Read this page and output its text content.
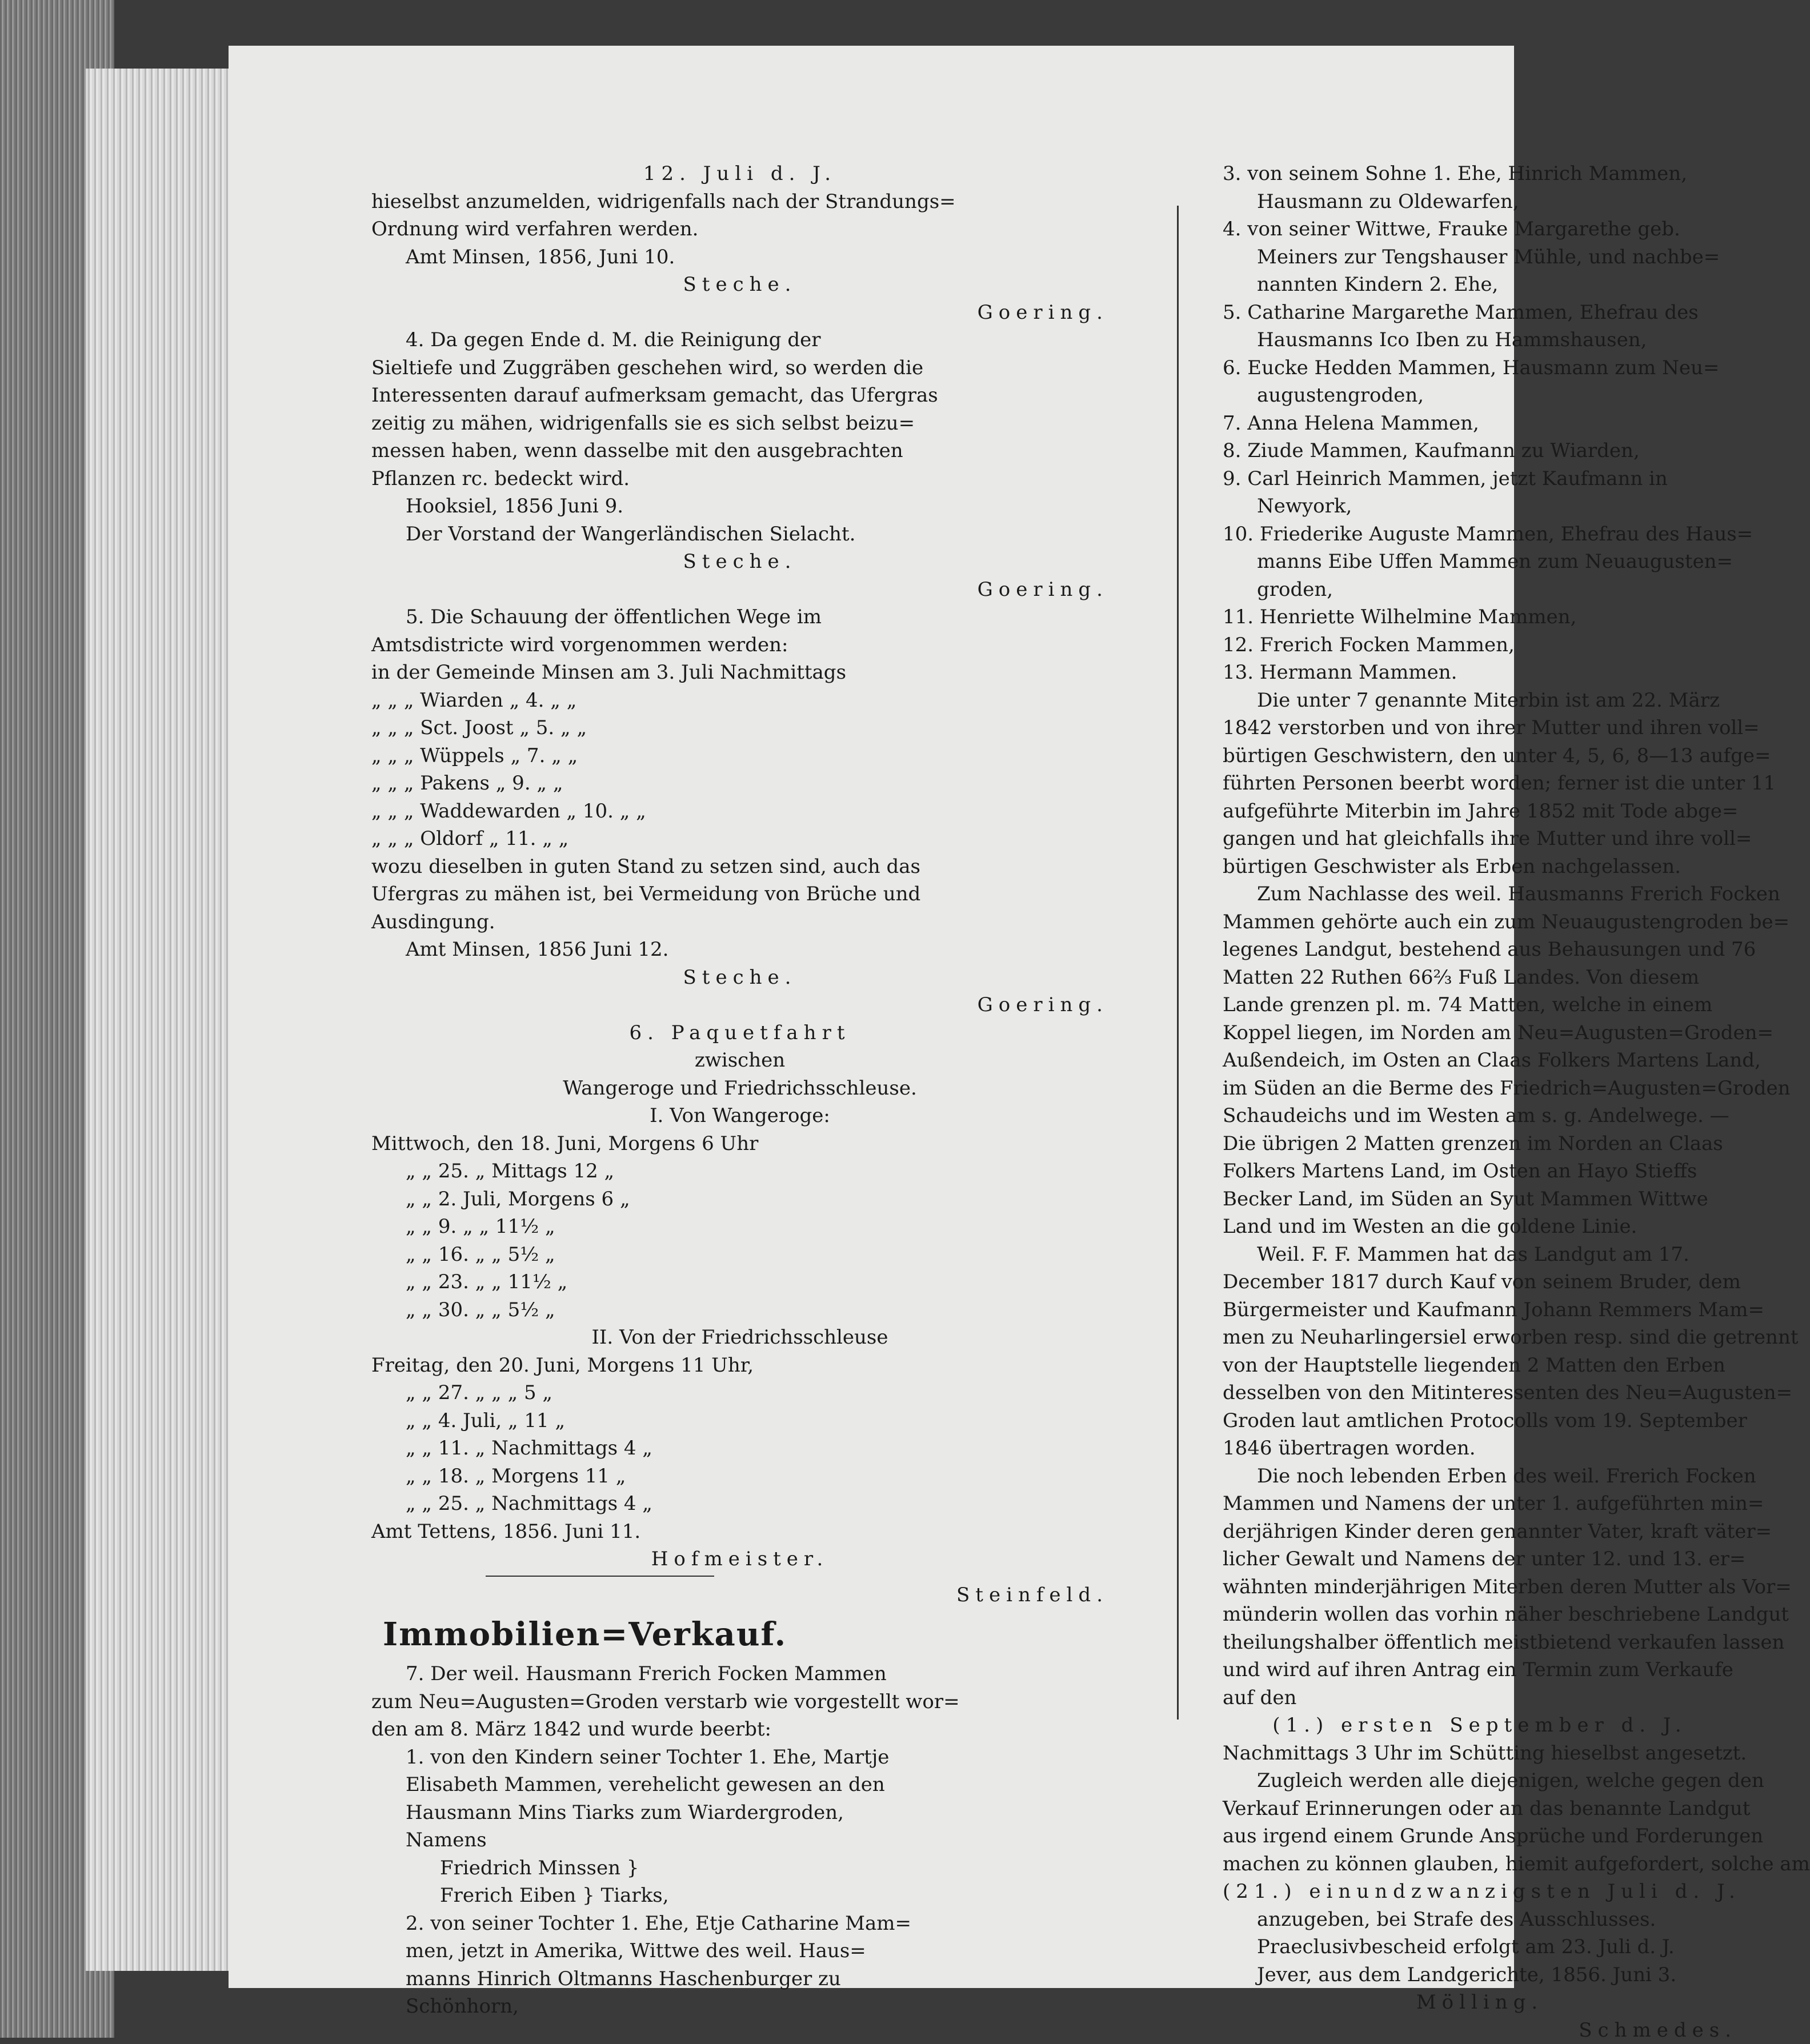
12. Juli d. J.
hieselbst anzumelden, widrigenfalls nach der Strandungs=
Ordnung wird verfahren werden.
Amt Minsen, 1856, Juni 10.
Steche.
Goering.
4. Da gegen Ende d. M. die Reinigung der
Sieltiefe und Zuggräben geschehen wird, so werden die
Interessenten darauf aufmerksam gemacht, das Ufergras
zeitig zu mähen, widrigenfalls sie es sich selbst beizu=
messen haben, wenn dasselbe mit den ausgebrachten
Pflanzen rc. bedeckt wird.
Hooksiel, 1856 Juni 9.
Der Vorstand der Wangerländischen Sielacht.
Steche.
Goering.
5. Die Schauung der öffentlichen Wege im
Amtsdistricte wird vorgenommen werden:
in der Gemeinde Minsen am 3. Juli Nachmittags
„ „ „ Wiarden „ 4. „ „
„ „ „ Sct. Joost „ 5. „ „
„ „ „ Wüppels „ 7. „ „
„ „ „ Pakens „ 9. „ „
„ „ „ Waddewarden „ 10. „ „
„ „ „ Oldorf „ 11. „ „
wozu dieselben in guten Stand zu setzen sind, auch das
Ufergras zu mähen ist, bei Vermeidung von Brüche und
Ausdingung.
Amt Minsen, 1856 Juni 12.
Steche.
Goering.
6. Paquetfahrt
zwischen
Wangeroge und Friedrichsschleuse.
I. Von Wangeroge:
Mittwoch, den 18. Juni, Morgens 6 Uhr
„ „ 25. „ Mittags 12 „
„ „ 2. Juli, Morgens 6 „
„ „ 9. „ „ 11½ „
„ „ 16. „ „ 5½ „
„ „ 23. „ „ 11½ „
„ „ 30. „ „ 5½ „
II. Von der Friedrichsschleuse
Freitag, den 20. Juni, Morgens 11 Uhr,
„ „ 27. „ „ „ 5 „
„ „ 4. Juli, „ 11 „
„ „ 11. „ Nachmittags 4 „
„ „ 18. „ Morgens 11 „
„ „ 25. „ Nachmittags 4 „
Amt Tettens, 1856. Juni 11.
Hofmeister.
Steinfeld.
Immobilien=Verkauf.
7. Der weil. Hausmann Frerich Focken Mammen
zum Neu=Augusten=Groden verstarb wie vorgestellt wor=
den am 8. März 1842 und wurde beerbt:
1. von den Kindern seiner Tochter 1. Ehe, Martje
Elisabeth Mammen, verehelicht gewesen an den
Hausmann Mins Tiarks zum Wiardergroden,
Namens
Friedrich Minssen }
Frerich Eiben } Tiarks,
2. von seiner Tochter 1. Ehe, Etje Catharine Mam=
men, jetzt in Amerika, Wittwe des weil. Haus=
manns Hinrich Oltmanns Haschenburger zu
Schönhorn,
3. von seinem Sohne 1. Ehe, Hinrich Mammen,
Hausmann zu Oldewarfen,
4. von seiner Wittwe, Frauke Margarethe geb.
Meiners zur Tengshauser Mühle, und nachbe=
nannten Kindern 2. Ehe,
5. Catharine Margarethe Mammen, Ehefrau des
Hausmanns Ico Iben zu Hammshausen,
6. Eucke Hedden Mammen, Hausmann zum Neu=
augustengroden,
7. Anna Helena Mammen,
8. Ziude Mammen, Kaufmann zu Wiarden,
9. Carl Heinrich Mammen, jetzt Kaufmann in
Newyork,
10. Friederike Auguste Mammen, Ehefrau des Haus=
manns Eibe Uffen Mammen zum Neuaugusten=
groden,
11. Henriette Wilhelmine Mammen,
12. Frerich Focken Mammen,
13. Hermann Mammen.
Die unter 7 genannte Miterbin ist am 22. März
1842 verstorben und von ihrer Mutter und ihren voll=
bürtigen Geschwistern, den unter 4, 5, 6, 8—13 aufge=
führten Personen beerbt worden; ferner ist die unter 11
aufgeführte Miterbin im Jahre 1852 mit Tode abge=
gangen und hat gleichfalls ihre Mutter und ihre voll=
bürtigen Geschwister als Erben nachgelassen.
Zum Nachlasse des weil. Hausmanns Frerich Focken
Mammen gehörte auch ein zum Neuaugustengroden be=
legenes Landgut, bestehend aus Behausungen und 76
Matten 22 Ruthen 66⅔ Fuß Landes. Von diesem
Lande grenzen pl. m. 74 Matten, welche in einem
Koppel liegen, im Norden am Neu=Augusten=Groden=
Außendeich, im Osten an Claas Folkers Martens Land,
im Süden an die Berme des Friedrich=Augusten=Groden
Schaudeichs und im Westen am s. g. Andelwege. —
Die übrigen 2 Matten grenzen im Norden an Claas
Folkers Martens Land, im Osten an Hayo Stieffs
Becker Land, im Süden an Syut Mammen Wittwe
Land und im Westen an die goldene Linie.
Weil. F. F. Mammen hat das Landgut am 17.
December 1817 durch Kauf von seinem Bruder, dem
Bürgermeister und Kaufmann Johann Remmers Mam=
men zu Neuharlingersiel erworben resp. sind die getrennt
von der Hauptstelle liegenden 2 Matten den Erben
desselben von den Mitinteressenten des Neu=Augusten=
Groden laut amtlichen Protocolls vom 19. September
1846 übertragen worden.
Die noch lebenden Erben des weil. Frerich Focken
Mammen und Namens der unter 1. aufgeführten min=
derjährigen Kinder deren genannter Vater, kraft väter=
licher Gewalt und Namens der unter 12. und 13. er=
wähnten minderjährigen Miterben deren Mutter als Vor=
münderin wollen das vorhin näher beschriebene Landgut
theilungshalber öffentlich meistbietend verkaufen lassen
und wird auf ihren Antrag ein Termin zum Verkaufe
auf den
(1.) ersten September d. J.
Nachmittags 3 Uhr im Schütting hieselbst angesetzt.
Zugleich werden alle diejenigen, welche gegen den
Verkauf Erinnerungen oder an das benannte Landgut
aus irgend einem Grunde Ansprüche und Forderungen
machen zu können glauben, hiemit aufgefordert, solche am
(21.) einundzwanzigsten Juli d. J.
anzugeben, bei Strafe des Ausschlusses.
Praeclusivbescheid erfolgt am 23. Juli d. J.
Jever, aus dem Landgerichte, 1856. Juni 3.
Mölling.
Schmedes.
